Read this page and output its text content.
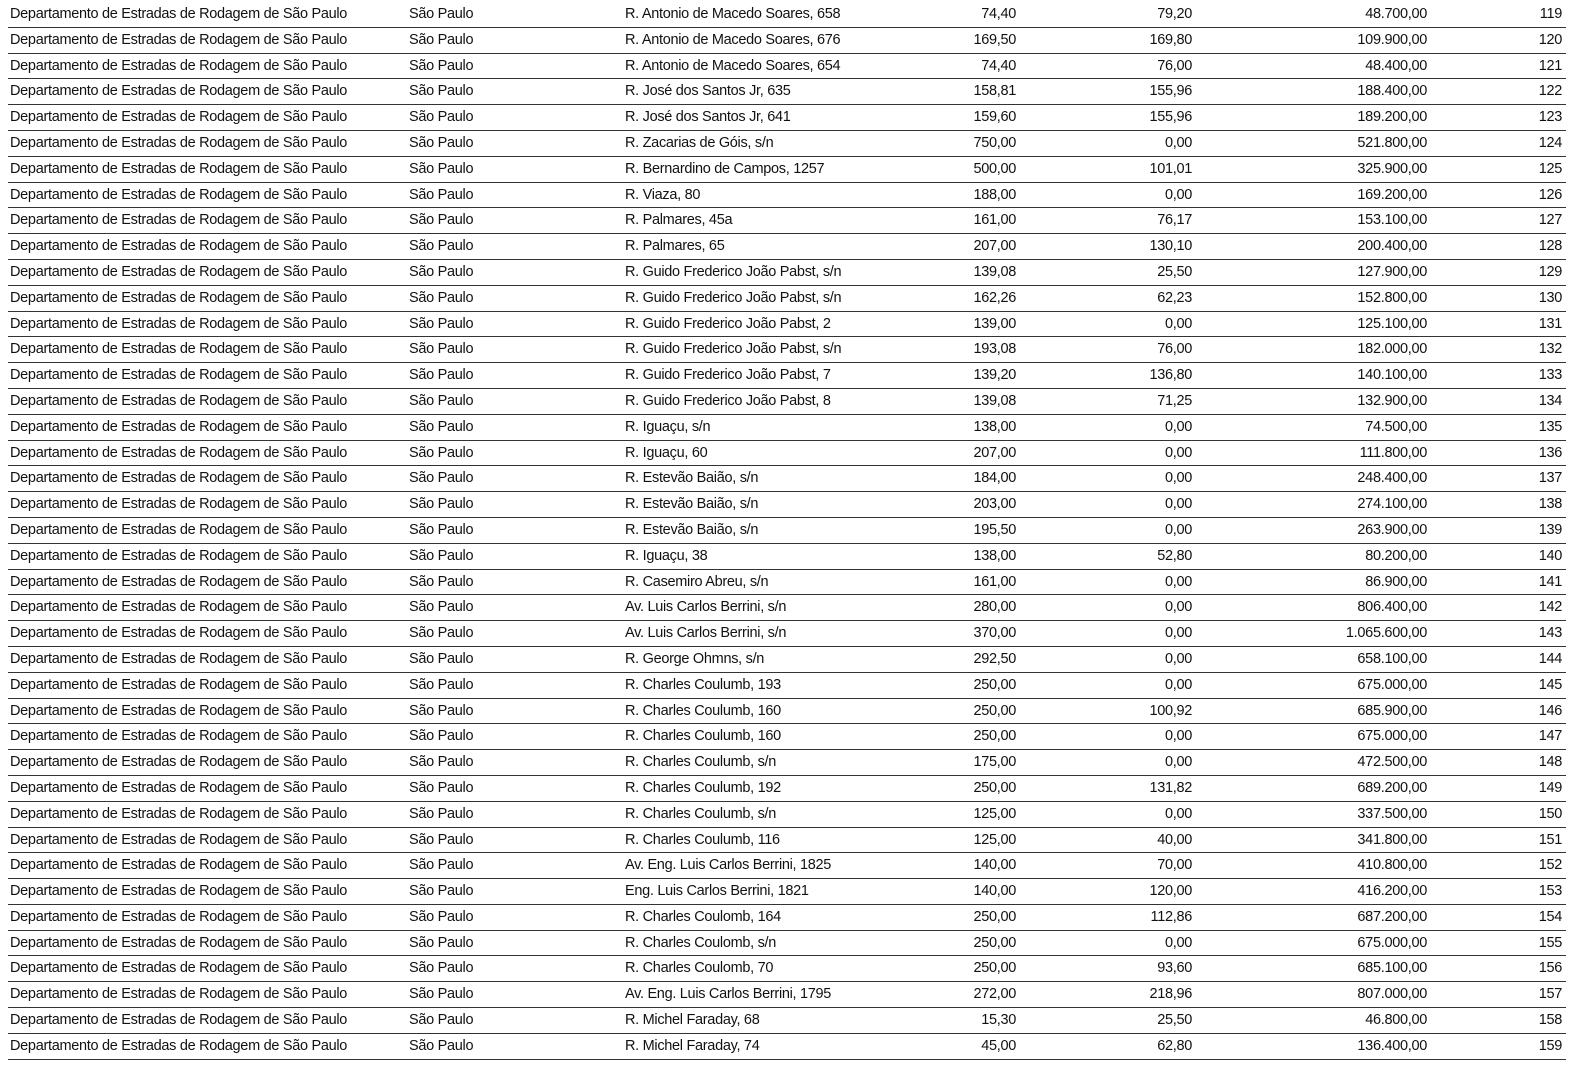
Departamento de Estradas de Rodagem de São Paulo	São Paulo	R. Antonio de Macedo Soares, 658	74,40	79,20	48.700,00	119
Departamento de Estradas de Rodagem de São Paulo	São Paulo	R. Antonio de Macedo Soares, 676	169,50	169,80	109.900,00	120
Departamento de Estradas de Rodagem de São Paulo	São Paulo	R. Antonio de Macedo Soares, 654	74,40	76,00	48.400,00	121
Departamento de Estradas de Rodagem de São Paulo	São Paulo	R. José dos Santos Jr, 635	158,81	155,96	188.400,00	122
Departamento de Estradas de Rodagem de São Paulo	São Paulo	R. José dos Santos Jr, 641	159,60	155,96	189.200,00	123
Departamento de Estradas de Rodagem de São Paulo	São Paulo	R. Zacarias de Góis, s/n	750,00	0,00	521.800,00	124
Departamento de Estradas de Rodagem de São Paulo	São Paulo	R. Bernardino de Campos, 1257	500,00	101,01	325.900,00	125
Departamento de Estradas de Rodagem de São Paulo	São Paulo	R. Viaza, 80	188,00	0,00	169.200,00	126
Departamento de Estradas de Rodagem de São Paulo	São Paulo	R. Palmares, 45a	161,00	76,17	153.100,00	127
Departamento de Estradas de Rodagem de São Paulo	São Paulo	R. Palmares, 65	207,00	130,10	200.400,00	128
Departamento de Estradas de Rodagem de São Paulo	São Paulo	R. Guido Frederico João Pabst, s/n	139,08	25,50	127.900,00	129
Departamento de Estradas de Rodagem de São Paulo	São Paulo	R. Guido Frederico João Pabst, s/n	162,26	62,23	152.800,00	130
Departamento de Estradas de Rodagem de São Paulo	São Paulo	R. Guido Frederico João Pabst, 2	139,00	0,00	125.100,00	131
Departamento de Estradas de Rodagem de São Paulo	São Paulo	R. Guido Frederico João Pabst, s/n	193,08	76,00	182.000,00	132
Departamento de Estradas de Rodagem de São Paulo	São Paulo	R. Guido Frederico João Pabst, 7	139,20	136,80	140.100,00	133
Departamento de Estradas de Rodagem de São Paulo	São Paulo	R. Guido Frederico João Pabst, 8	139,08	71,25	132.900,00	134
Departamento de Estradas de Rodagem de São Paulo	São Paulo	R. Iguaçu, s/n	138,00	0,00	74.500,00	135
Departamento de Estradas de Rodagem de São Paulo	São Paulo	R. Iguaçu, 60	207,00	0,00	111.800,00	136
Departamento de Estradas de Rodagem de São Paulo	São Paulo	R. Estevão Baião, s/n	184,00	0,00	248.400,00	137
Departamento de Estradas de Rodagem de São Paulo	São Paulo	R. Estevão Baião, s/n	203,00	0,00	274.100,00	138
Departamento de Estradas de Rodagem de São Paulo	São Paulo	R. Estevão Baião, s/n	195,50	0,00	263.900,00	139
Departamento de Estradas de Rodagem de São Paulo	São Paulo	R. Iguaçu, 38	138,00	52,80	80.200,00	140
Departamento de Estradas de Rodagem de São Paulo	São Paulo	R. Casemiro Abreu, s/n	161,00	0,00	86.900,00	141
Departamento de Estradas de Rodagem de São Paulo	São Paulo	Av. Luis Carlos Berrini, s/n	280,00	0,00	806.400,00	142
Departamento de Estradas de Rodagem de São Paulo	São Paulo	Av. Luis Carlos Berrini, s/n	370,00	0,00	1.065.600,00	143
Departamento de Estradas de Rodagem de São Paulo	São Paulo	R. George Ohmns, s/n	292,50	0,00	658.100,00	144
Departamento de Estradas de Rodagem de São Paulo	São Paulo	R. Charles Coulumb, 193	250,00	0,00	675.000,00	145
Departamento de Estradas de Rodagem de São Paulo	São Paulo	R. Charles Coulumb, 160	250,00	100,92	685.900,00	146
Departamento de Estradas de Rodagem de São Paulo	São Paulo	R. Charles Coulumb, 160	250,00	0,00	675.000,00	147
Departamento de Estradas de Rodagem de São Paulo	São Paulo	R. Charles Coulumb, s/n	175,00	0,00	472.500,00	148
Departamento de Estradas de Rodagem de São Paulo	São Paulo	R. Charles Coulumb, 192	250,00	131,82	689.200,00	149
Departamento de Estradas de Rodagem de São Paulo	São Paulo	R. Charles Coulumb, s/n	125,00	0,00	337.500,00	150
Departamento de Estradas de Rodagem de São Paulo	São Paulo	R. Charles Coulumb, 116	125,00	40,00	341.800,00	151
Departamento de Estradas de Rodagem de São Paulo	São Paulo	Av. Eng. Luis Carlos Berrini, 1825	140,00	70,00	410.800,00	152
Departamento de Estradas de Rodagem de São Paulo	São Paulo	Eng. Luis Carlos Berrini, 1821	140,00	120,00	416.200,00	153
Departamento de Estradas de Rodagem de São Paulo	São Paulo	R. Charles Coulomb, 164	250,00	112,86	687.200,00	154
Departamento de Estradas de Rodagem de São Paulo	São Paulo	R. Charles Coulomb, s/n	250,00	0,00	675.000,00	155
Departamento de Estradas de Rodagem de São Paulo	São Paulo	R. Charles Coulomb, 70	250,00	93,60	685.100,00	156
Departamento de Estradas de Rodagem de São Paulo	São Paulo	Av. Eng. Luis Carlos Berrini, 1795	272,00	218,96	807.000,00	157
Departamento de Estradas de Rodagem de São Paulo	São Paulo	R. Michel Faraday, 68	15,30	25,50	46.800,00	158
Departamento de Estradas de Rodagem de São Paulo	São Paulo	R. Michel Faraday, 74	45,00	62,80	136.400,00	159
